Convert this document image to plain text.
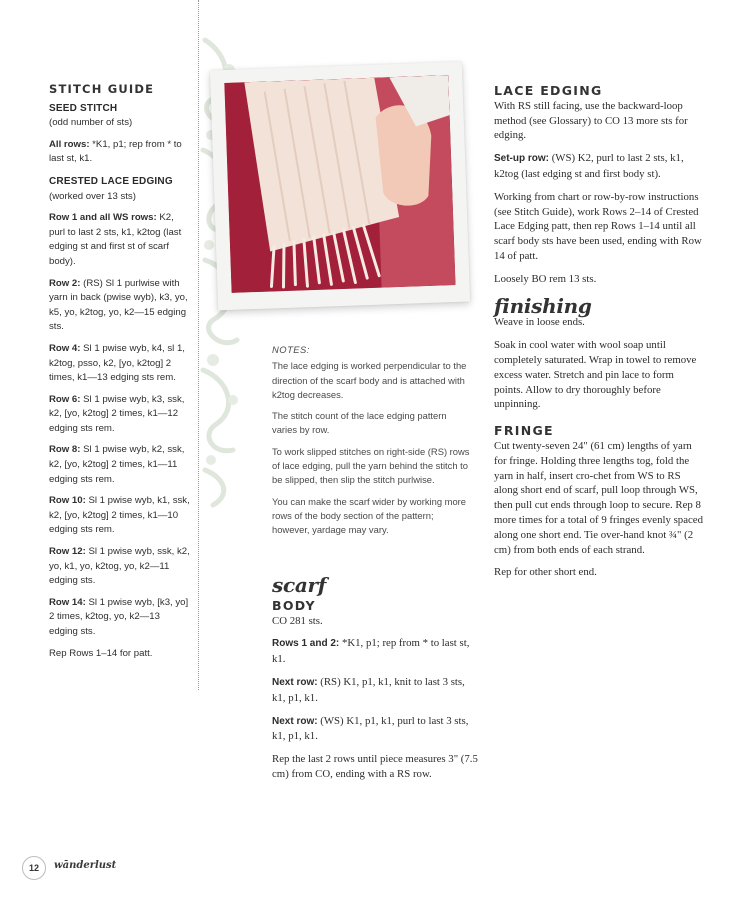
STITCH GUIDE
SEED STITCH

(odd number of sts)

All rows: *K1, p1; rep from * to last st, k1.

CRESTED LACE EDGING

(worked over 13 sts)

Row 1 and all WS rows: K2, purl to last 2 sts, k1, k2tog (last edging st and first st of scarf body).

Row 2: (RS) Sl 1 purlwise with yarn in back (pwise wyb), k3, yo, k5, yo, k2tog, yo, k2—15 edging sts.

Row 4: Sl 1 pwise wyb, k4, sl 1, k2tog, psso, k2, [yo, k2tog] 2 times, k1—13 edging sts rem.

Row 6: Sl 1 pwise wyb, k3, ssk, k2, [yo, k2tog] 2 times, k1—12 edging sts rem.

Row 8: Sl 1 pwise wyb, k2, ssk, k2, [yo, k2tog] 2 times, k1—11 edging sts rem.

Row 10: Sl 1 pwise wyb, k1, ssk, k2, [yo, k2tog] 2 times, k1—10 edging sts rem.

Row 12: Sl 1 pwise wyb, ssk, k2, yo, k1, yo, k2tog, yo, k2—11 edging sts.

Row 14: Sl 1 pwise wyb, [k3, yo] 2 times, k2tog, yo, k2—13 edging sts.

Rep Rows 1–14 for patt.

NOTES:

The lace edging is worked perpendicular to the direction of the scarf body and is attached with k2tog decreases.

The stitch count of the lace edging pattern varies by row.

To work slipped stitches on right-side (RS) rows of lace edging, pull the yarn behind the stitch to be slipped, then slip the stitch purlwise.

You can make the scarf wider by working more rows of the body section of the pattern; however, yardage may vary.

scarf
BODY

CO 281 sts.

Rows 1 and 2: *K1, p1; rep from * to last st, k1.

Next row: (RS) K1, p1, k1, knit to last 3 sts, k1, p1, k1.

Next row: (WS) K1, p1, k1, purl to last 3 sts, k1, p1, k1.

Rep the last 2 rows until piece measures 3" (7.5 cm) from CO, ending with a RS row.

LACE EDGING

With RS still facing, use the backward-loop method (see Glossary) to CO 13 more sts for edging.

Set-up row: (WS) K2, purl to last 2 sts, k1, k2tog (last edging st and first body st).

Working from chart or row-by-row instructions (see Stitch Guide), work Rows 2–14 of Crested Lace Edging patt, then rep Rows 1–14 until all scarf body sts have been used, ending with Row 14 of patt.

Loosely BO rem 13 sts.

finishing

Weave in loose ends.

Soak in cool water with wool soap until completely saturated. Wrap in towel to remove excess water. Stretch and pin lace to form points. Allow to dry thoroughly before unpinning.

FRINGE

Cut twenty-seven 24" (61 cm) lengths of yarn for fringe. Holding three lengths tog, fold the yarn in half, insert cro-chet from WS to RS along short end of scarf, pull loop through WS, then pull cut ends through loop to secure. Rep 8 more times for a total of 9 fringes evenly spaced along one short end. Tie over-hand knot ¾" (2 cm) from both ends of each strand.

Rep for other short end.

12	wānderlust
